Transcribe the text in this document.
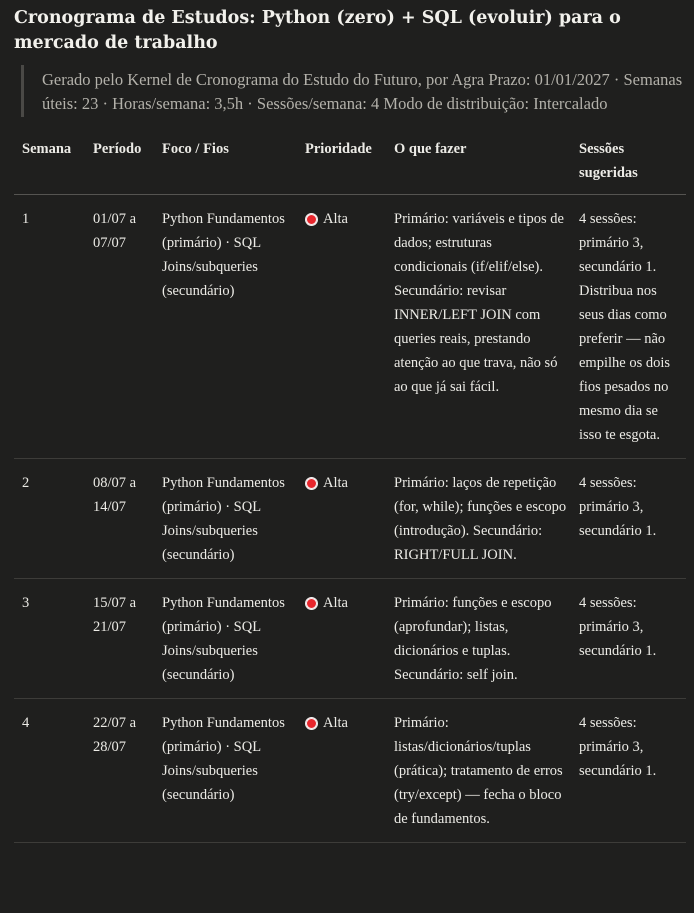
Cronograma de Estudos: Python (zero) + SQL (evoluir) para o mercado de trabalho
Gerado pelo Kernel de Cronograma do Estudo do Futuro, por Agra Prazo: 01/01/2027 · Semanas úteis: 23 · Horas/semana: 3,5h · Sessões/semana: 4 Modo de distribuição: Intercalado
Semana	Período	Foco / Fios	Prioridade	O que fazer	Sessões sugeridas
1	01/07 a 07/07	Python Fundamentos (primário) · SQL Joins/subqueries (secundário)	Alta	Primário: variáveis e tipos de dados; estruturas condicionais (if/elif/else). Secundário: revisar INNER/LEFT JOIN com queries reais, prestando atenção ao que trava, não só ao que já sai fácil.	4 sessões: primário 3, secundário 1. Distribua nos seus dias como preferir — não empilhe os dois fios pesados no mesmo dia se isso te esgota.
2	08/07 a 14/07	Python Fundamentos (primário) · SQL Joins/subqueries (secundário)	Alta	Primário: laços de repetição (for, while); funções e escopo (introdução). Secundário: RIGHT/FULL JOIN.	4 sessões: primário 3, secundário 1.
3	15/07 a 21/07	Python Fundamentos (primário) · SQL Joins/subqueries (secundário)	Alta	Primário: funções e escopo (aprofundar); listas, dicionários e tuplas. Secundário: self join.	4 sessões: primário 3, secundário 1.
4	22/07 a 28/07	Python Fundamentos (primário) · SQL Joins/subqueries (secundário)	Alta	Primário: listas/dicionários/tuplas (prática); tratamento de erros (try/except) — fecha o bloco de fundamentos.	4 sessões: primário 3, secundário 1.
